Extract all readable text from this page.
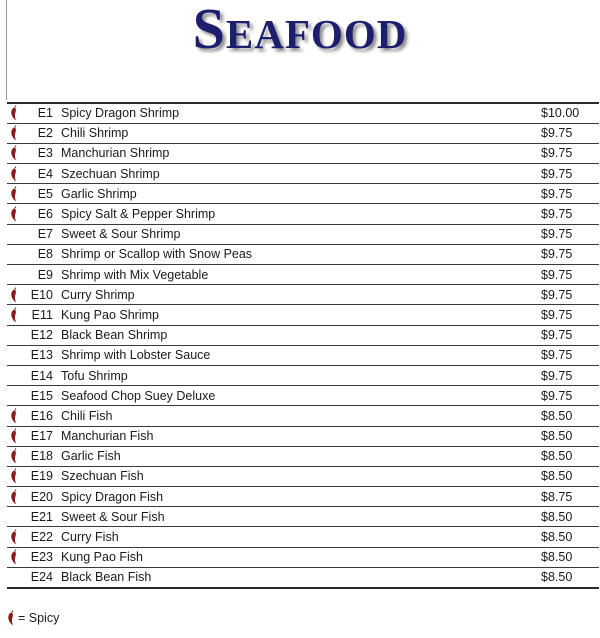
Seafood
	E1	Spicy Dragon Shrimp	$10.00
	E2	Chili Shrimp	$9.75
	E3	Manchurian Shrimp	$9.75
	E4	Szechuan Shrimp	$9.75
	E5	Garlic Shrimp	$9.75
	E6	Spicy Salt & Pepper Shrimp	$9.75
	E7	Sweet & Sour Shrimp	$9.75
	E8	Shrimp or Scallop with Snow Peas	$9.75
	E9	Shrimp with Mix Vegetable	$9.75
	E10	Curry Shrimp	$9.75
	E11	Kung Pao Shrimp	$9.75
	E12	Black Bean Shrimp	$9.75
	E13	Shrimp with Lobster Sauce	$9.75
	E14	Tofu Shrimp	$9.75
	E15	Seafood Chop Suey Deluxe	$9.75
	E16	Chili Fish	$8.50
	E17	Manchurian Fish	$8.50
	E18	Garlic Fish	$8.50
	E19	Szechuan Fish	$8.50
	E20	Spicy Dragon Fish	$8.75
	E21	Sweet & Sour Fish	$8.50
	E22	Curry Fish	$8.50
	E23	Kung Pao Fish	$8.50
	E24	Black Bean Fish	$8.50
= Spicy
